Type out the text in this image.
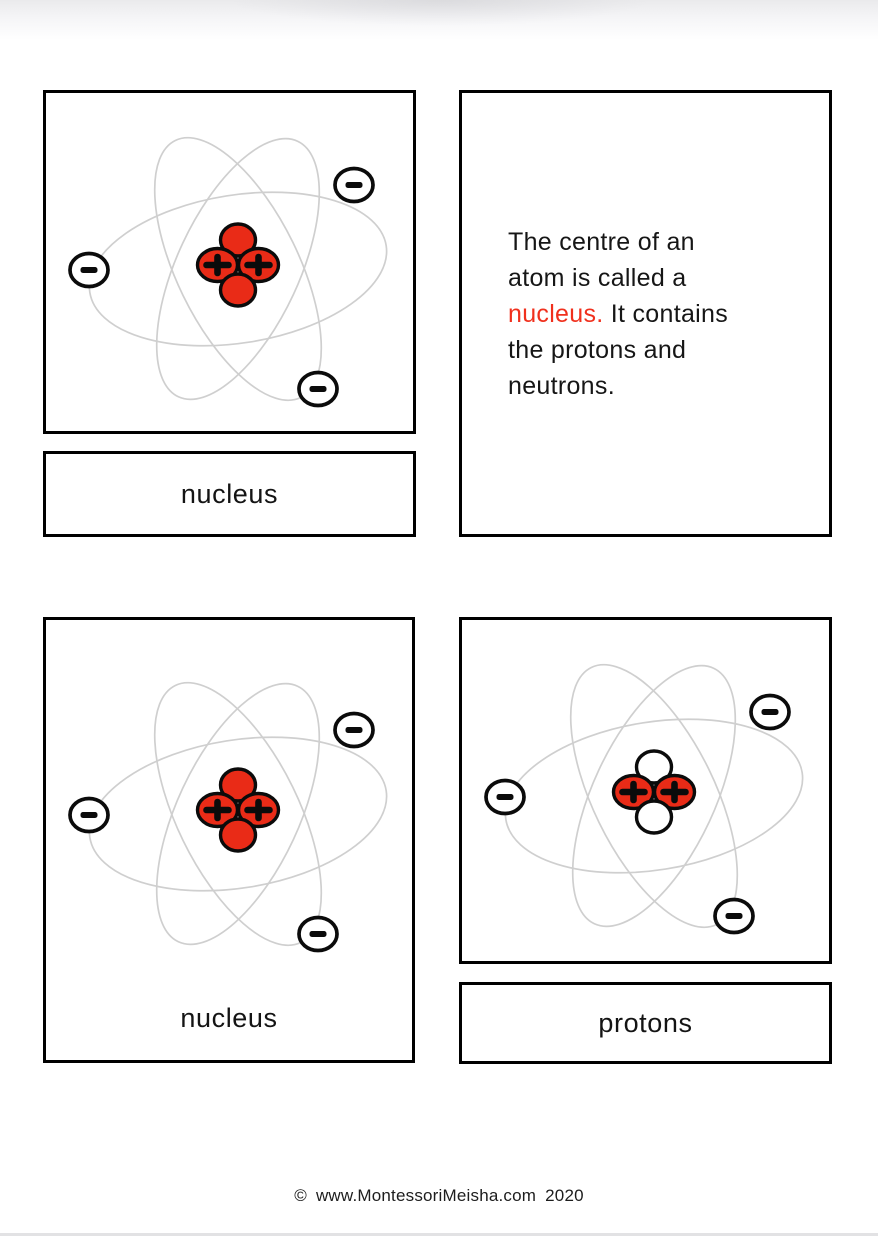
nucleus

The centre of an
atom is called a
nucleus. It contains
the protons and
neutrons.

nucleus	protons
© www.MontessoriMeisha.com 2020
